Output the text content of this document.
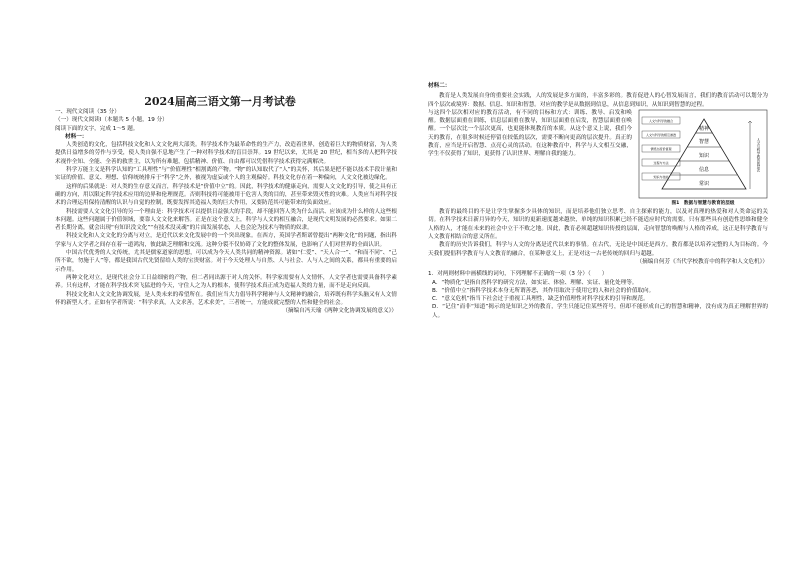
2024届高三语文第一月考试卷

一、现代文阅读（35 分）

（一）现代文阅读Ⅰ（本题共 5 小题，19 分）

阅读下面的文字，完成 1～5 题。

材料一：

人类创造的文化，包括科技文化和人文文化两大部类。科学技术作为最革命性的生产力，改造着世界，创造着巨大的物质财富，为人类提供日益增多的劳作与享受，使人类自强不息地产生了一种对科学技术的盲目崇拜。19 世纪以来，尤其是 20 世纪，相当多的人把科学技术视作全知、全能、全善的救世主，以为所有难题，包括精神、价值、自由都可以凭借科学技术获得完满解决。

科学万能主义是科学认知的“工具理性”与“价值理性”相割离的产物。“物”的认知取代了“人”的关怀，其后果是把不能以技术手段计量和实证的价值、意义、理想、信仰统统排斥于“科学”之外，被视为虚妄或个人的主观偏好。科技文化存在着一种偏向，人文文化被边缘化。

这样的后果就是：对人类的生存意义而言，科学技术是“价值中立”的。因此，科学技术的健康走向，需要人文文化的引导，使之具有正确的方向，用以限定科学技术应用的边界和伦理规范。否则科技将可能被用于危害人类的目的，甚至带来毁灭性的灾难。人类应当对科学技术的合理运用保持清醒的认识与自觉的控制，既要发挥其造福人类的巨大作用，又要防范其可能带来的负面效应。

科技需要人文文化引导的另一个理由是：科学技术可以提供日益强大的手段，却不能回答人类为什么而活、应该成为什么样的人这些根本问题。这些问题属于价值领域，要靠人文文化来解答。正是在这个意义上，科学与人文的相互融合，是现代文明发展的必然要求。如果二者长期分离，就会出现“有知识没文化”“有技术没灵魂”的片面发展状态，人也会沦为技术与物质的奴隶。

科技文化和人文文化的分离与对立，是近代以来文化发展中的一个突出现象。在西方，英国学者斯诺曾提出“两种文化”的问题，指出科学家与人文学者之间存在着一道鸿沟，彼此缺乏理解和交流。这种分裂不仅妨碍了文化的整体发展，也影响了人们对世界的全面认识。

中国古代优秀的人文传统，尤其是儒家道家的思想，可以成为今天人类共同的精神资源。诸如“仁爱”、“天人合一”、“和而不同”、“己所不欲，勿施于人”等，都是我国古代先贤留给人类的宝贵财富。对于今天处理人与自然、人与社会、人与人之间的关系，都具有重要的启示作用。

两种文化对立，是现代社会分工日益细密的产物，但二者同出源于对人的关怀。科学家需要有人文情怀，人文学者也需要具备科学素养。只有这样，才能在科学技术突飞猛进的今天，守住人之为人的根本，使科学技术真正成为造福人类的力量，而不是走向反面。

科技文化和人文文化协调发展，是人类未来的希望所在。我们应当大力倡导科学精神与人文精神的融合，培养既有科学头脑又有人文情怀的新型人才。正如有学者所说：“科学求真，人文求善，艺术求美”，三者统一，方能成就完整的人性和健全的社会。

（摘编自冯天瑜《两种文化协调发展的意义》）

材料二：

教育是人类发展自身的重要社会实践，人的发展是多方面的，丰富多彩的。教育促进人的心智发展而言，我们的教育活动可以划分为四个层次或境界：数据、信息、知识和智慧。对应的教学是从数据到信息，从信息到知识，从知识到智慧的过程。

与这四个层次相对应的教育活动，有不同的目标和方式：训练、教导、启发和唤醒。数据层面重在训练，信息层面重在教导，知识层面重在启发，智慧层面重在唤醒。一个层次比一个层次更高，也更能体现教育的本质。从这个意义上说，我们今天的教育，在很多时候还停留在较低的层次，需要不断向更高的层次提升。真正的教育，应当是开启智慧、点亮心灵的活动。在这种教育中，科学与人文相互交融，学生不仅获得了知识，更获得了认识世界、理解自我的能力。

精神
智慧
知识
信息
常识
人文与科学的融合
人文与科学的相互渗透
情感态度价值观
过程与方法
知识与技能
人文与科学教育的层次
图1　数据与智慧与教育的层级

教育的最终目的不是让学生掌握多少具体的知识，而是培养他们独立思考、自主探索的能力，以及对真理的热爱和对人类命运的关切。在科学技术日新月异的今天，知识的更新速度越来越快，单纯的知识积累已经不能适应时代的需要。只有那些具有创造性思维和健全人格的人，才能在未来的社会中立于不败之地。因此，教育必须超越知识传授的层面，走向智慧的唤醒与人格的养成，这正是科学教育与人文教育相结合的意义所在。

教育的历史告诉我们，科学与人文的分离是近代以来的事情。在古代，无论是中国还是西方，教育都是以培养完整的人为目标的。今天我们提倡科学教育与人文教育的融合，在某种意义上，正是对这一古老传统的回归与超越。

（摘编自何芳《当代学校教育中的科学和人文危机》）

1．对两则材料中画横线的词句，下列理解不正确的一项（3 分）（　　）

A．“物质化”是指自然科学的研究方法，如实证、体验、理解、实证、量化处理等。

B．“价值中立”指科学技术本身无所谓善恶，其作用取决于使用它的人和社会的价值取向。

C．“意义危机”指当下社会过于重视工具理性，缺乏价值理性对科学技术的引导和规范。

D．“记住”而非“知道”揭示的是知识之外的教育，学生只能记住某些符号，但却不能形成自己的智慧和精神，没有成为真正理解世界的人。
